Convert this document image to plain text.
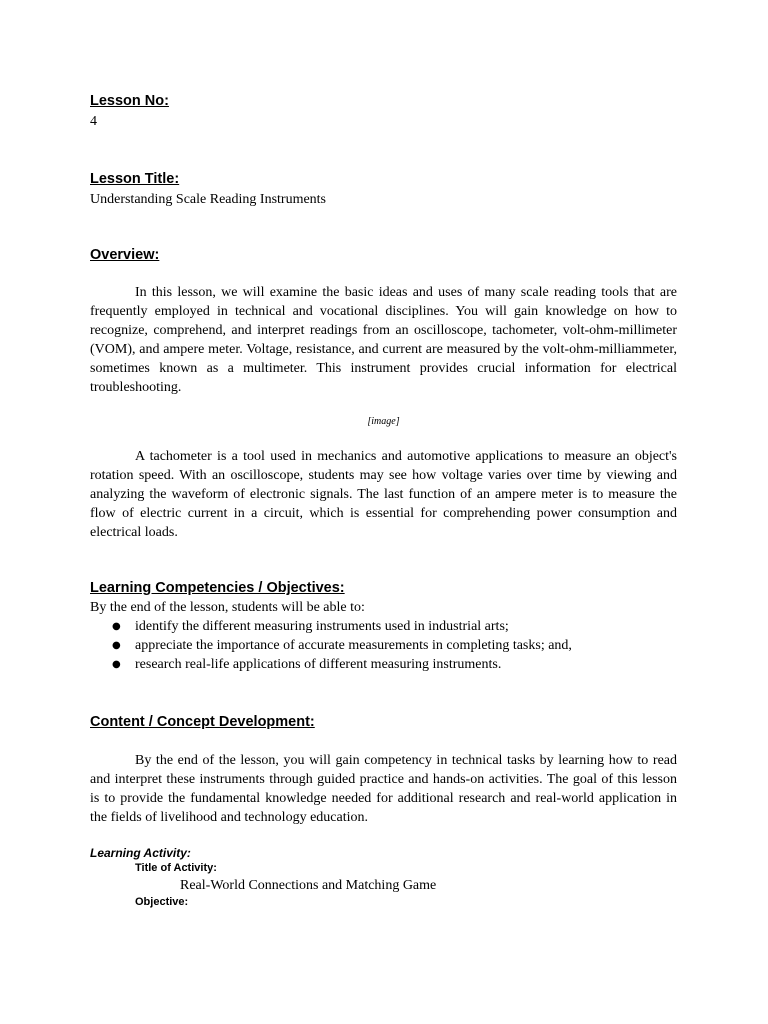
Lesson No:

4

Lesson Title:

Understanding Scale Reading Instruments

Overview:

In this lesson, we will examine the basic ideas and uses of many scale reading tools that are frequently employed in technical and vocational disciplines. You will gain knowledge on how to recognize, comprehend, and interpret readings from an oscilloscope, tachometer, volt-ohm-millimeter (VOM), and ampere meter. Voltage, resistance, and current are measured by the volt-ohm-milliammeter, sometimes known as a multimeter. This instrument provides crucial information for electrical troubleshooting.

[image]

A tachometer is a tool used in mechanics and automotive applications to measure an object's rotation speed. With an oscilloscope, students may see how voltage varies over time by viewing and analyzing the waveform of electronic signals. The last function of an ampere meter is to measure the flow of electric current in a circuit, which is essential for comprehending power consumption and electrical loads.

Learning Competencies / Objectives:

By the end of the lesson, students will be able to:

● identify the different measuring instruments used in industrial arts;
● appreciate the importance of accurate measurements in completing tasks; and,
● research real-life applications of different measuring instruments.

Content / Concept Development:

By the end of the lesson, you will gain competency in technical tasks by learning how to read and interpret these instruments through guided practice and hands-on activities. The goal of this lesson is to provide the fundamental knowledge needed for additional research and real-world application in the fields of livelihood and technology education.

Learning Activity:

Title of Activity:

Real-World Connections and Matching Game

Objective:
